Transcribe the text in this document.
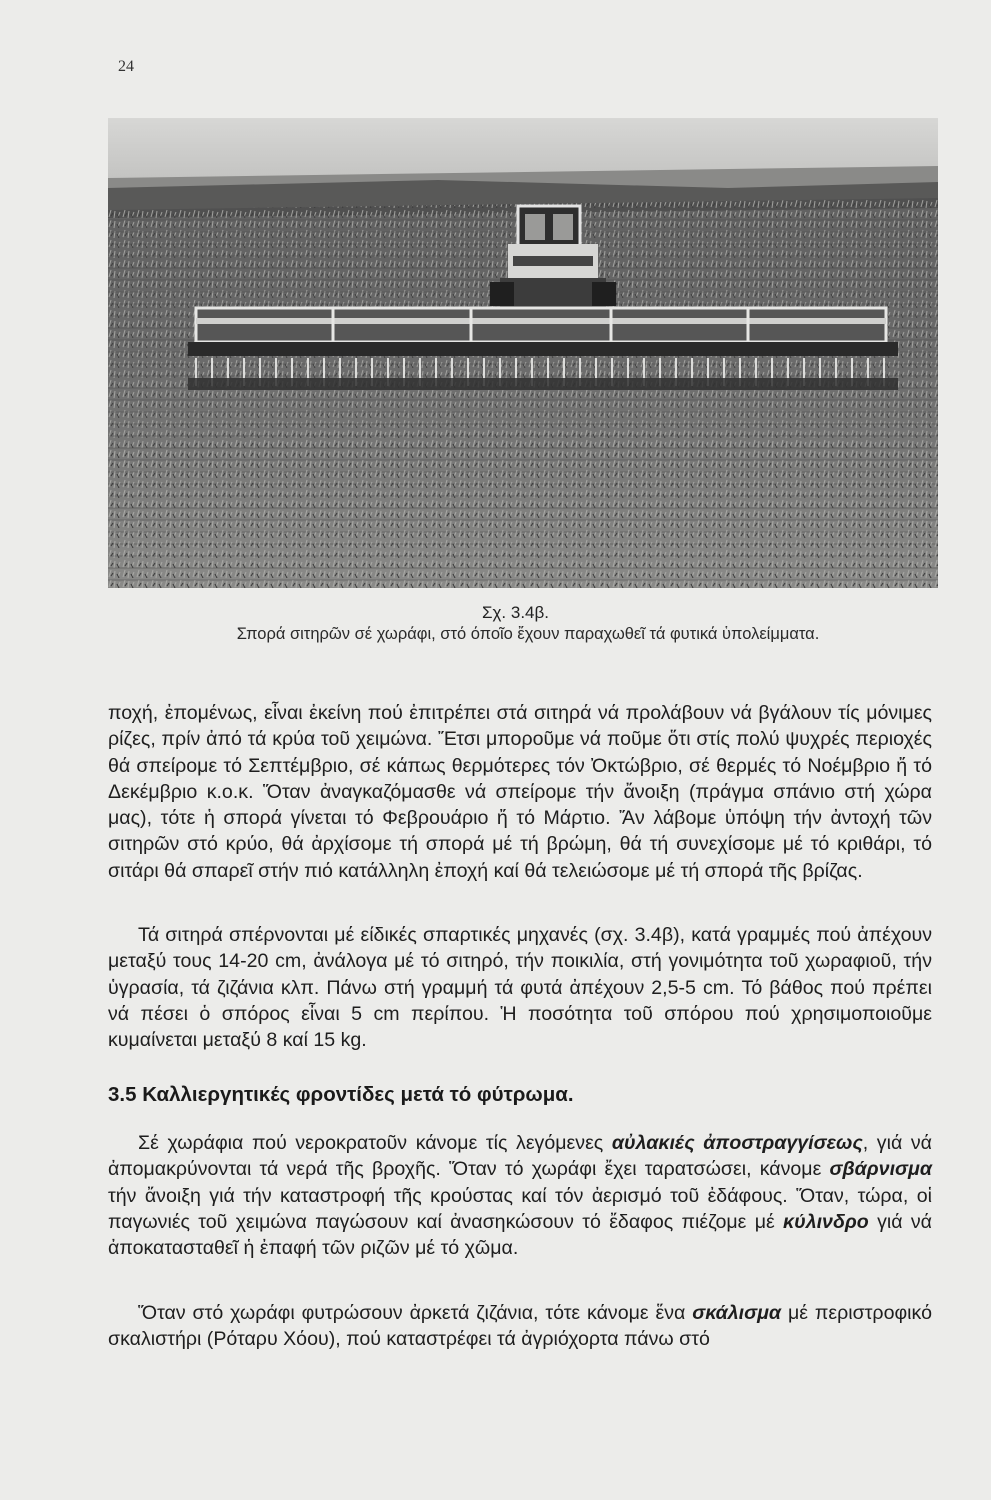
24
Σχ. 3.4β.
Σπορά σιτηρῶν σέ χωράφι, στό όποῖο ἔχουν παραχωθεῖ τά φυτικά ὑπολείμματα.

ποχή, ἐπομένως, εἶναι ἐκείνη πού ἐπιτρέπει στά σιτηρά νά προλάβουν νά βγάλουν τίς μόνιμες ρίζες, πρίν ἀπό τά κρύα τοῦ χειμώνα. Ἔτσι μποροῦμε νά ποῦμε ὅτι στίς πολύ ψυχρές περιοχές θά σπείρομε τό Σεπτέμβριο, σέ κάπως θερμότερες τόν Ὀκτώβριο, σέ θερμές τό Νοέμβριο ἤ τό Δεκέμβριο κ.ο.κ. Ὅταν ἀναγκαζόμασθε νά σπείρομε τήν ἄνοιξη (πράγμα σπάνιο στή χώρα μας), τότε ἡ σπορά γίνεται τό Φεβρουάριο ἤ τό Μάρτιο. Ἄν λάβομε ὑπόψη τήν ἀντοχή τῶν σιτηρῶν στό κρύο, θά ἀρχίσομε τή σπορά μέ τή βρώμη, θά τή συνεχίσομε μέ τό κριθάρι, τό σιτάρι θά σπαρεῖ στήν πιό κατάλληλη ἐποχή καί θά τελειώσομε μέ τή σπορά τῆς βρίζας.

Τά σιτηρά σπέρνονται μέ είδικές σπαρτικές μηχανές (σχ. 3.4β), κατά γραμμές πού ἀπέχουν μεταξύ τους 14-20 cm, ἀνάλογα μέ τό σιτηρό, τήν ποικιλία, στή γονιμότητα τοῦ χωραφιοῦ, τήν ὑγρασία, τά ζιζάνια κλπ. Πάνω στή γραμμή τά φυτά ἀπέχουν 2,5-5 cm. Τό βάθος πού πρέπει νά πέσει ὁ σπόρος εἶναι 5 cm περίπου. Ἡ ποσότητα τοῦ σπόρου πού χρησιμοποιοῦμε κυμαίνεται μεταξύ 8 καί 15 kg.

3.5 Καλλιεργητικές φροντίδες μετά τό φύτρωμα.

Σέ χωράφια πού νεροκρατοῦν κάνομε τίς λεγόμενες αὐλακιές ἀποστραγγίσεως, γιά νά ἀπομακρύνονται τά νερά τῆς βροχῆς. Ὅταν τό χωράφι ἔχει ταρατσώσει, κάνομε σβάρνισμα τήν ἄνοιξη γιά τήν καταστροφή τῆς κρούστας καί τόν ἀερισμό τοῦ ἐδάφους. Ὅταν, τώρα, οἱ παγωνιές τοῦ χειμώνα παγώσουν καί ἀνασηκώσουν τό ἔδαφος πιέζομε μέ κύλινδρο γιά νά ἀποκατασταθεῖ ἡ ἐπαφή τῶν ριζῶν μέ τό χῶμα.

Ὅταν στό χωράφι φυτρώσουν ἀρκετά ζιζάνια, τότε κάνομε ἕνα σκάλισμα μέ περιστροφικό σκαλιστήρι (Ρόταρυ Χόου), πού καταστρέφει τά ἀγριόχορτα πάνω στό
